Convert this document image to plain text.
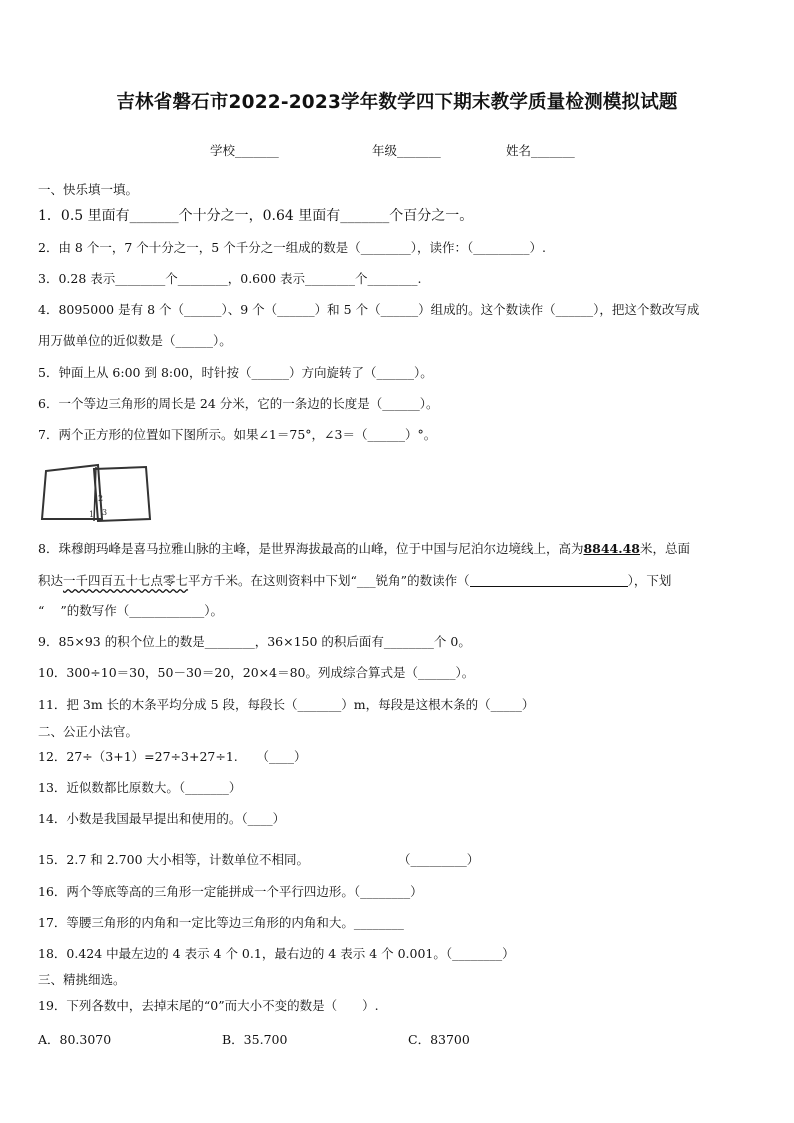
吉林省磐石市2022-2023学年数学四下期末教学质量检测模拟试题
学校_______	年级_______	姓名_______
一、快乐填一填。
1．0.5 里面有_______个十分之一，0.64 里面有_______个百分之一。
2．由 8 个一，7 个十分之一，5 个千分之一组成的数是（________），读作：（_________）.
3．0.28 表示________个________，0.600 表示________个________.
4．8095000 是有 8 个（______）、9 个（______）和 5 个（______）组成的。这个数读作（______），把这个数改写成
用万做单位的近似数是（______）。
5．钟面上从 6:00 到 8:00，时针按（______）方向旋转了（______）。
6．一个等边三角形的周长是 24 分米，它的一条边的长度是（______）。
7．两个正方形的位置如下图所示。如果∠1＝75°，∠3＝（______）°。
1
2
3
8．珠穆朗玛峰是喜马拉雅山脉的主峰，是世界海拔最高的山峰，位于中国与尼泊尔边境线上，高为8844.48米，总面
积达一千四百五十七点零七平方千米。在这则资料中下划“___锐角”的数读作（	），下划
“ ”的数写作（____________）。
9．85×93 的积个位上的数是________，36×150 的积后面有________个 0。
10．300÷10＝30，50－30＝20，20×4＝80。列成综合算式是（______）。
11．把 3m 长的木条平均分成 5 段，每段长（_______）m，每段是这根木条的（_____）
二、公正小法官。
12．27÷（3+1）=27÷3+27÷1.　　（____）
13．近似数都比原数大。（_______）
14．小数是我国最早提出和使用的。（____）
15．2.7 和 2.700 大小相等，计数单位不相同。	（_________）
16．两个等底等高的三角形一定能拼成一个平行四边形。（________）
17．等腰三角形的内角和一定比等边三角形的内角和大。________
18．0.424 中最左边的 4 表示 4 个 0.1，最右边的 4 表示 4 个 0.001。（________）
三、精挑细选。
19．下列各数中，去掉末尾的“0”而大小不变的数是（　　）.
A．80.3070	B．35.700	C．83700
